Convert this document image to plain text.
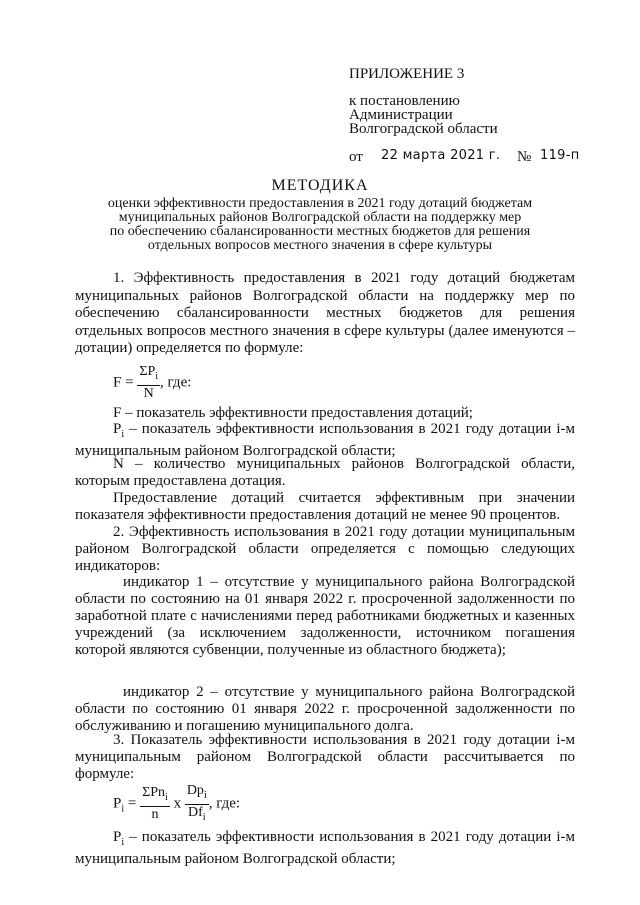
ПРИЛОЖЕНИЕ 3
к постановлению
Администрации
Волгоградской области
от 22 марта 2021 г. № 119-п
МЕТОДИКА
оценки эффективности предоставления в 2021 году дотаций бюджетам
муниципальных районов Волгоградской области на поддержку мер
по обеспечению сбалансированности местных бюджетов для решения
отдельных вопросов местного значения в сфере культуры
1. Эффективность предоставления в 2021 году дотаций бюджетам муниципальных районов Волгоградской области на поддержку мер по обеспечению сбалансированности местных бюджетов для решения отдельных вопросов местного значения в сфере культуры (далее именуются – дотации) определяется по формуле:
$F = \frac{\Sigma P_i}{N}$ , где:
F – показатель эффективности предоставления дотаций;
$P_i$ – показатель эффективности использования в 2021 году дотации i-м муниципальным районом Волгоградской области;
N – количество муниципальных районов Волгоградской области, которым предоставлена дотация.
Предоставление дотаций считается эффективным при значении показателя эффективности предоставления дотаций не менее 90 процентов.
2. Эффективность использования в 2021 году дотации муниципальным районом Волгоградской области определяется с помощью следующих индикаторов:
индикатор 1 – отсутствие у муниципального района Волгоградской области по состоянию на 01 января 2022 г. просроченной задолженности по заработной плате с начислениями перед работниками бюджетных и казенных учреждений (за исключением задолженности, источником погашения которой являются субвенции, полученные из областного бюджета);
индикатор 2 – отсутствие у муниципального района Волгоградской области по состоянию 01 января 2022 г. просроченной задолженности по обслуживанию и погашению муниципального долга.
3. Показатель эффективности использования в 2021 году дотации i-м муниципальным районом Волгоградской области рассчитывается по формуле:
$P_i = \frac{\Sigma Pn_i}{n}$ x $\frac{Dp_i}{Df_i}$ , где:
$P_i$ – показатель эффективности использования в 2021 году дотации i-м муниципальным районом Волгоградской области;
